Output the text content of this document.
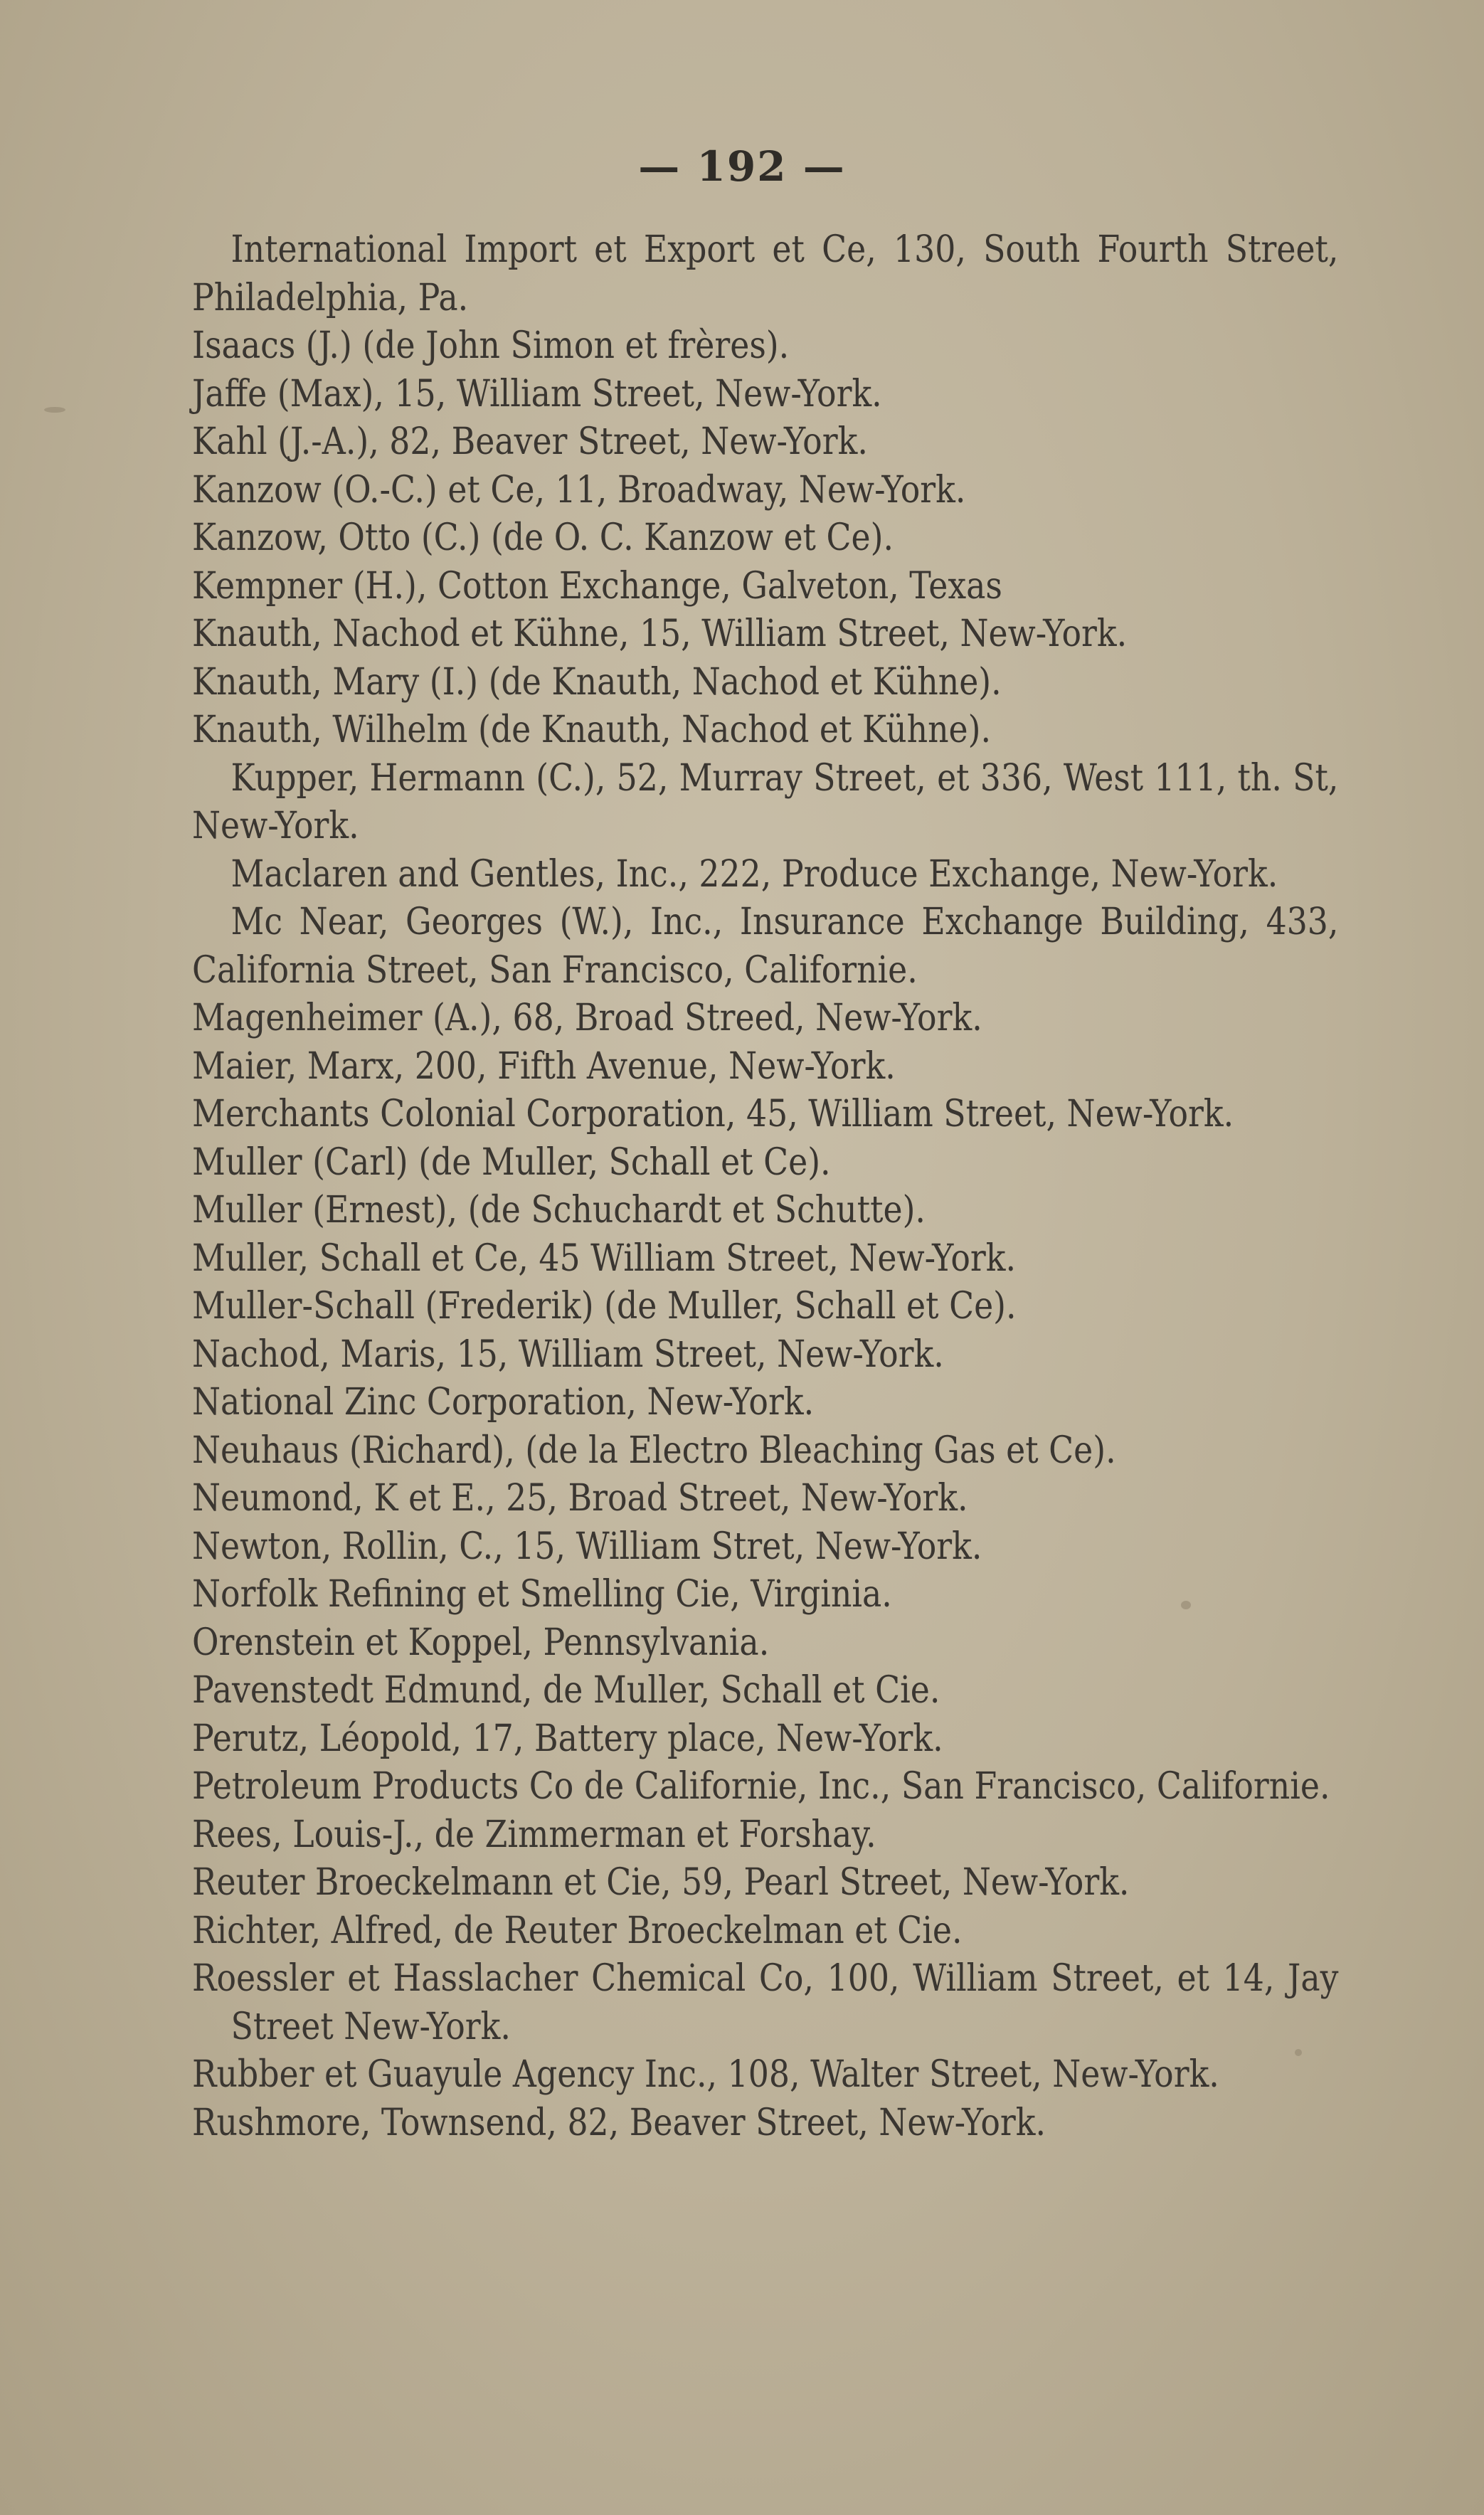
— 192 —
International Import et Export et Ce, 130, South Fourth Street, Philadelphia, Pa.
Isaacs (J.) (de John Simon et frères).
Jaffe (Max), 15, William Street, New-York.
Kahl (J.-A.), 82, Beaver Street, New-York.
Kanzow (O.-C.) et Ce, 11, Broadway, New-York.
Kanzow, Otto (C.) (de O. C. Kanzow et Ce).
Kempner (H.), Cotton Exchange, Galveton, Texas
Knauth, Nachod et Kühne, 15, William Street, New-York.
Knauth, Mary (I.) (de Knauth, Nachod et Kühne).
Knauth, Wilhelm (de Knauth, Nachod et Kühne).
Kupper, Hermann (C.), 52, Murray Street, et 336, West 111, th. St, New-York.
Maclaren and Gentles, Inc., 222, Produce Exchange, New-York.
Mc Near, Georges (W.), Inc., Insurance Exchange Building, 433, California Street, San Francisco, Californie.
Magenheimer (A.), 68, Broad Streed, New-York.
Maier, Marx, 200, Fifth Avenue, New-York.
Merchants Colonial Corporation, 45, William Street, New-York.
Muller (Carl) (de Muller, Schall et Ce).
Muller (Ernest), (de Schuchardt et Schutte).
Muller, Schall et Ce, 45 William Street, New-York.
Muller-Schall (Frederik) (de Muller, Schall et Ce).
Nachod, Maris, 15, William Street, New-York.
National Zinc Corporation, New-York.
Neuhaus (Richard), (de la Electro Bleaching Gas et Ce).
Neumond, K et E., 25, Broad Street, New-York.
Newton, Rollin, C., 15, William Stret, New-York.
Norfolk Refining et Smelling Cie, Virginia.
Orenstein et Koppel, Pennsylvania.
Pavenstedt Edmund, de Muller, Schall et Cie.
Perutz, Léopold, 17, Battery place, New-York.
Petroleum Products Co de Californie, Inc., San Francisco, Californie.
Rees, Louis-J., de Zimmerman et Forshay.
Reuter Broeckelmann et Cie, 59, Pearl Street, New-York.
Richter, Alfred, de Reuter Broeckelman et Cie.
Roessler et Hasslacher Chemical Co, 100, William Street, et 14, Jay Street New-York.
Rubber et Guayule Agency Inc., 108, Walter Street, New-York.
Rushmore, Townsend, 82, Beaver Street, New-York.
